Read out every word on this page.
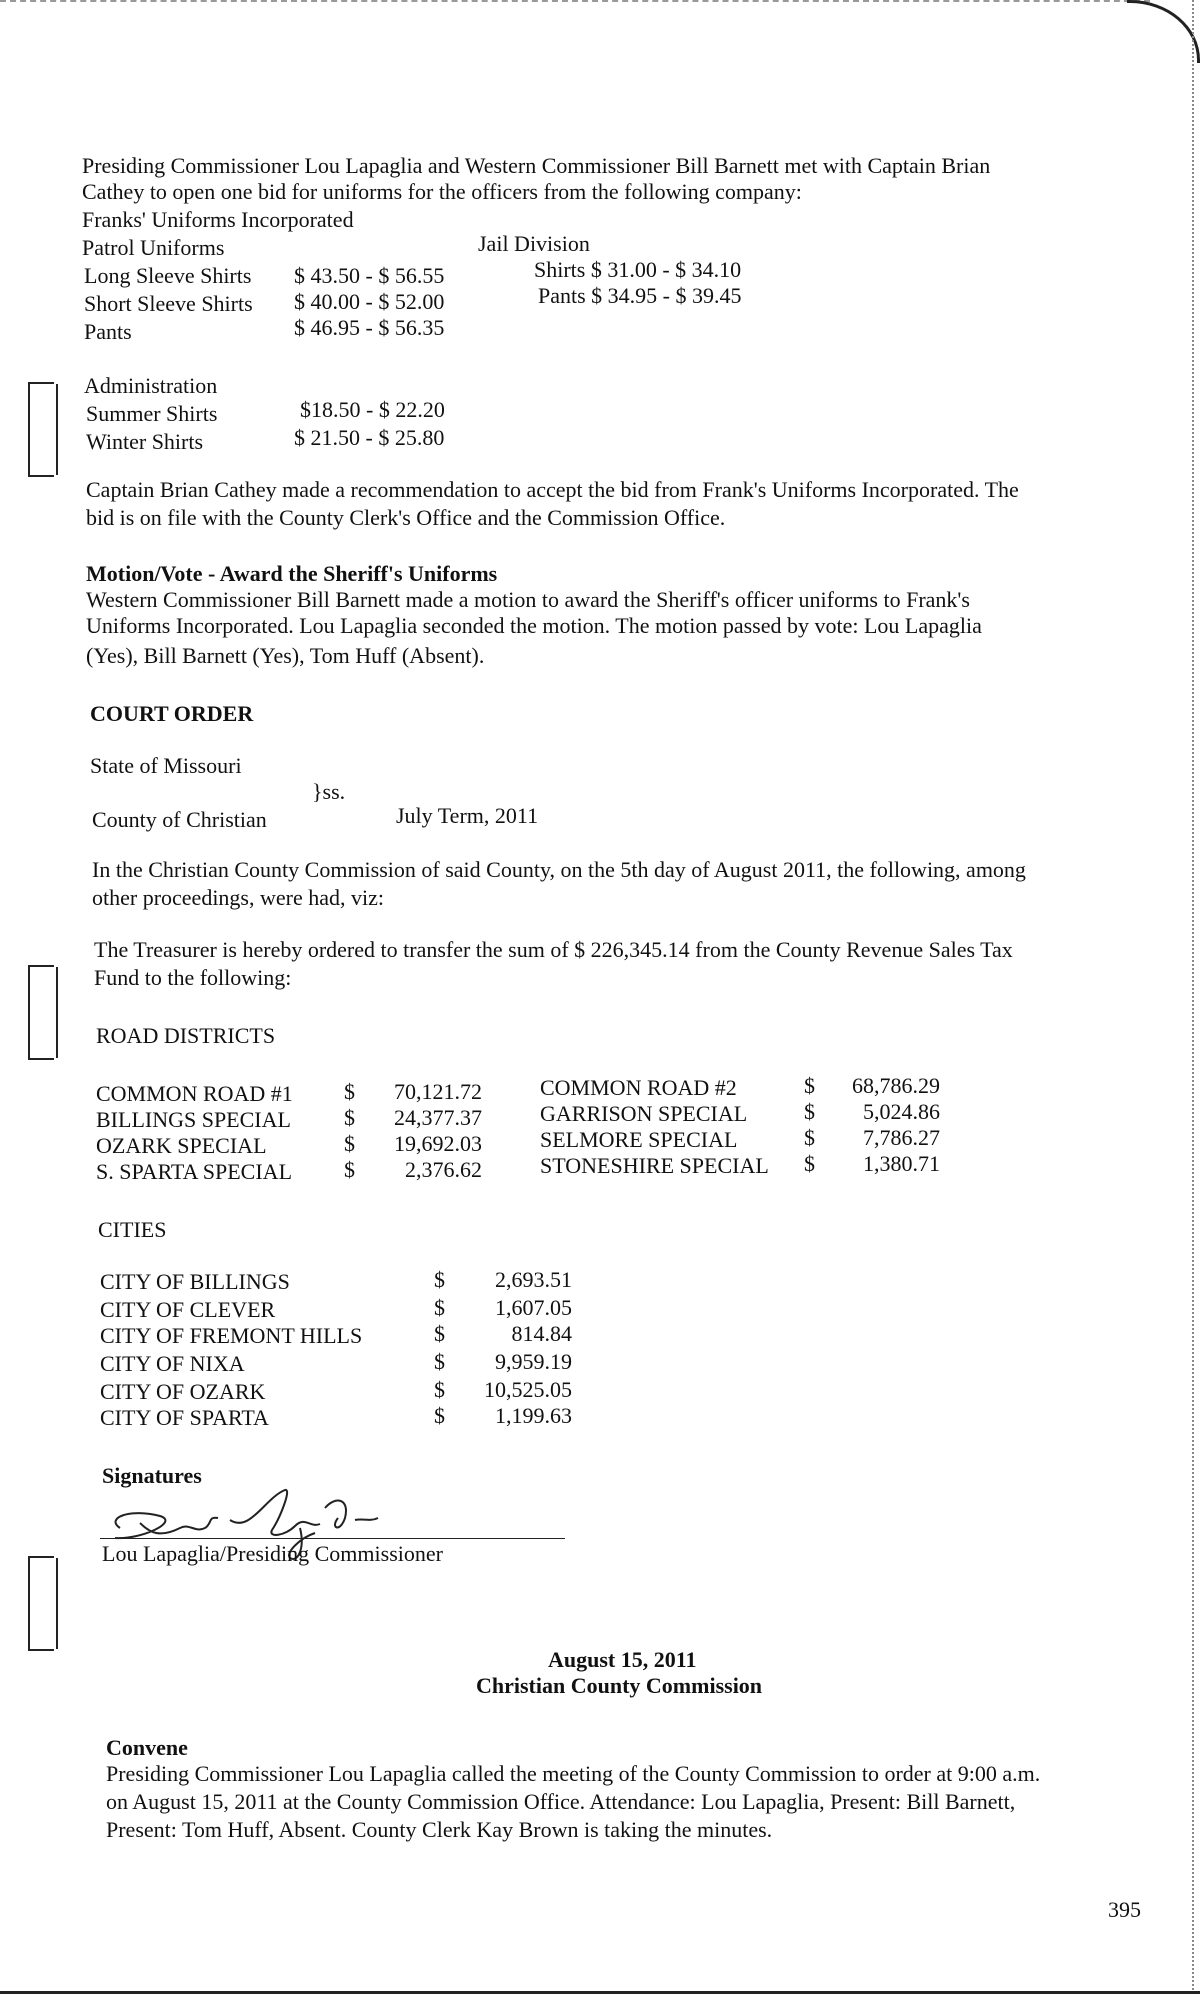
Presiding Commissioner Lou Lapaglia and Western Commissioner Bill Barnett met with Captain Brian
Cathey to open one bid for uniforms for the officers from the following company:
Franks' Uniforms Incorporated
Patrol Uniforms
Long Sleeve Shirts $ 43.50 - $ 56.55
Short Sleeve Shirts $ 40.00 - $ 52.00
Pants	$ 46.95 - $ 56.35
Jail Division
Shirts $ 31.00 - $ 34.10
Pants $ 34.95 - $ 39.45
Administration
Summer Shirts	$18.50 - $ 22.20
Winter Shirts	$ 21.50 - $ 25.80
Captain Brian Cathey made a recommendation to accept the bid from Frank's Uniforms Incorporated. The
bid is on file with the County Clerk's Office and the Commission Office.
Motion/Vote - Award the Sheriff's Uniforms
Western Commissioner Bill Barnett made a motion to award the Sheriff's officer uniforms to Frank's
Uniforms Incorporated. Lou Lapaglia seconded the motion. The motion passed by vote: Lou Lapaglia
(Yes), Bill Barnett (Yes), Tom Huff (Absent).
COURT ORDER
State of Missouri
}ss.
County of Christian	July Term, 2011
In the Christian County Commission of said County, on the 5th day of August 2011, the following, among
other proceedings, were had, viz:
The Treasurer is hereby ordered to transfer the sum of $ 226,345.14 from the County Revenue Sales Tax
Fund to the following:
ROAD DISTRICTS
COMMON ROAD #1 $	70,121.72
BILLINGS SPECIAL $	24,377.37
OZARK SPECIAL	$	19,692.03
S. SPARTA SPECIAL $	2,376.62
COMMON ROAD #2	$	68,786.29
GARRISON SPECIAL	$	5,024.86
SELMORE SPECIAL	$	7,786.27
STONESHIRE SPECIAL $	1,380.71
CITIES
CITY OF BILLINGS	$	2,693.51
CITY OF CLEVER	$	1,607.05
CITY OF FREMONT HILLS	$	814.84
CITY OF NIXA	$	9,959.19
CITY OF OZARK	$	10,525.05
CITY OF SPARTA	$	1,199.63
Signatures
Lou Lapaglia/Presiding Commissioner
August 15, 2011
Christian County Commission
Convene
Presiding Commissioner Lou Lapaglia called the meeting of the County Commission to order at 9:00 a.m.
on August 15, 2011 at the County Commission Office. Attendance: Lou Lapaglia, Present: Bill Barnett,
Present: Tom Huff, Absent. County Clerk Kay Brown is taking the minutes.
395
